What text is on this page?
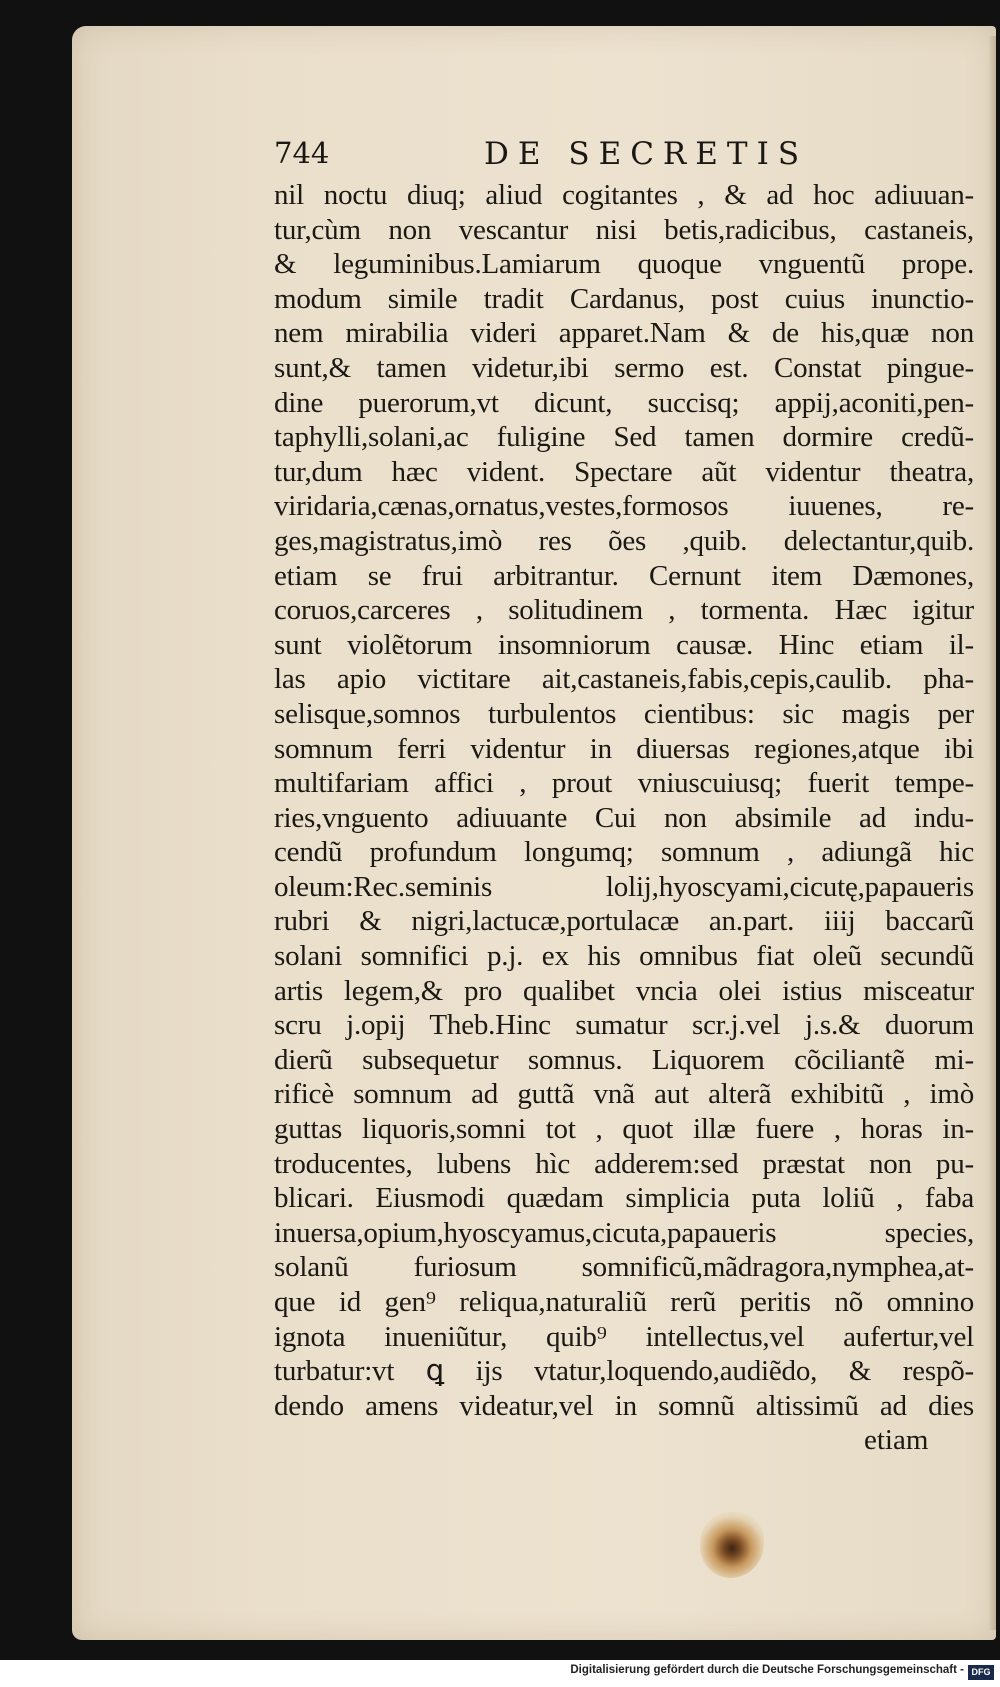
744	DE SECRETIS
nil noctu diuq; aliud cogitantes , & ad hoc adiuuan-
tur,cùm non vescantur nisi betis,radicibus, castaneis,
& leguminibus.Lamiarum quoque vnguentũ prope.
modum simile tradit Cardanus, post cuius inunctio-
nem mirabilia videri apparet.Nam & de his,quæ non
sunt,& tamen videtur,ibi sermo est. Constat pingue-
dine puerorum,vt dicunt, succisq; appij,aconiti,pen-
taphylli,solani,ac fuligine Sed tamen dormire credũ-
tur,dum hæc vident. Spectare aũt videntur theatra,
viridaria,cænas,ornatus,vestes,formosos iuuenes, re-
ges,magistratus,imò res ões ,quib. delectantur,quib.
etiam se frui arbitrantur. Cernunt item Dæmones,
coruos,carceres , solitudinem , tormenta. Hæc igitur
sunt violẽtorum insomniorum causæ. Hinc etiam il-
las apio victitare ait,castaneis,fabis,cepis,caulib. pha-
selisque,somnos turbulentos cientibus: sic magis per
somnum ferri videntur in diuersas regiones,atque ibi
multifariam affici , prout vniuscuiusq; fuerit tempe-
ries,vnguento adiuuante Cui non absimile ad indu-
cendũ profundum longumq; somnum , adiungã hic
oleum:Rec.seminis lolij,hyoscyami,cicutę,papaueris
rubri & nigri,lactucæ,portulacæ an.part. iiij baccarũ
solani somnifici p.j. ex his omnibus fiat oleũ secundũ
artis legem,& pro qualibet vncia olei istius misceatur
scru j.opij Theb.Hinc sumatur scr.j.vel j.s.& duorum
dierũ subsequetur somnus. Liquorem cõciliantẽ mi-
rificè somnum ad guttã vnã aut alterã exhibitũ , imò
guttas liquoris,somni tot , quot illæ fuere , horas in-
troducentes, lubens hìc adderem:sed præstat non pu-
blicari. Eiusmodi quædam simplicia puta loliũ , faba
inuersa,opium,hyoscyamus,cicuta,papaueris species,
solanũ furiosum somnificũ,mãdragora,nymphea,at-
que id gen⁹ reliqua,naturaliũ rerũ peritis nõ omnino
ignota inueniũtur, quib⁹ intellectus,vel aufertur,vel
turbatur:vt ꝗ ijs vtatur,loquendo,audiẽdo, & respõ-
dendo amens videatur,vel in somnũ altissimũ ad dies
etiam
Digitalisierung gefördert durch die Deutsche Forschungsgemeinschaft - DFG
